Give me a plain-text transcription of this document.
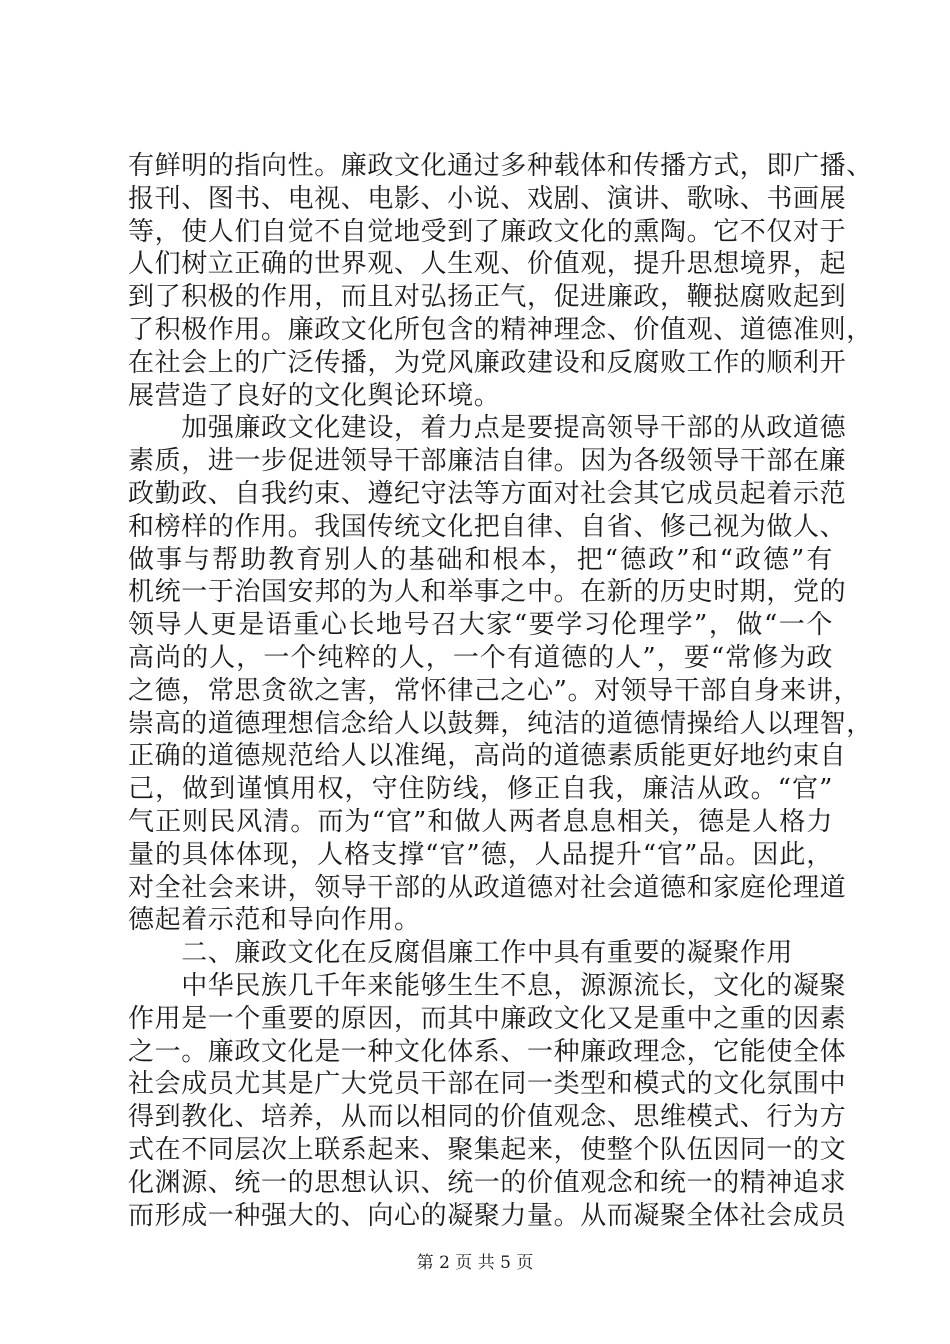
有鲜明的指向性。廉政文化通过多种载体和传播方式，即广播、
报刊、图书、电视、电影、小说、戏剧、演讲、歌咏、书画展
等，使人们自觉不自觉地受到了廉政文化的熏陶。它不仅对于
人们树立正确的世界观、人生观、价值观，提升思想境界，起
到了积极的作用，而且对弘扬正气，促进廉政，鞭挞腐败起到
了积极作用。廉政文化所包含的精神理念、价值观、道德准则，
在社会上的广泛传播，为党风廉政建设和反腐败工作的顺利开
展营造了良好的文化舆论环境。
　　加强廉政文化建设，着力点是要提高领导干部的从政道德
素质，进一步促进领导干部廉洁自律。因为各级领导干部在廉
政勤政、自我约束、遵纪守法等方面对社会其它成员起着示范
和榜样的作用。我国传统文化把自律、自省、修己视为做人、
做事与帮助教育别人的基础和根本，把“德政”和“政德”有
机统一于治国安邦的为人和举事之中。在新的历史时期，党的
领导人更是语重心长地号召大家“要学习伦理学”，做“一个
高尚的人，一个纯粹的人，一个有道德的人”，要“常修为政
之德，常思贪欲之害，常怀律己之心”。对领导干部自身来讲，
崇高的道德理想信念给人以鼓舞，纯洁的道德情操给人以理智，
正确的道德规范给人以准绳，高尚的道德素质能更好地约束自
己，做到谨慎用权，守住防线，修正自我，廉洁从政。“官”
气正则民风清。而为“官”和做人两者息息相关，德是人格力
量的具体体现，人格支撑“官”德，人品提升“官”品。因此，
对全社会来讲，领导干部的从政道德对社会道德和家庭伦理道
德起着示范和导向作用。
　　二、廉政文化在反腐倡廉工作中具有重要的凝聚作用
　　中华民族几千年来能够生生不息，源源流长，文化的凝聚
作用是一个重要的原因，而其中廉政文化又是重中之重的因素
之一。廉政文化是一种文化体系、一种廉政理念，它能使全体
社会成员尤其是广大党员干部在同一类型和模式的文化氛围中
得到教化、培养，从而以相同的价值观念、思维模式、行为方
式在不同层次上联系起来、聚集起来，使整个队伍因同一的文
化渊源、统一的思想认识、统一的价值观念和统一的精神追求
而形成一种强大的、向心的凝聚力量。从而凝聚全体社会成员
第 2 页 共 5 页
